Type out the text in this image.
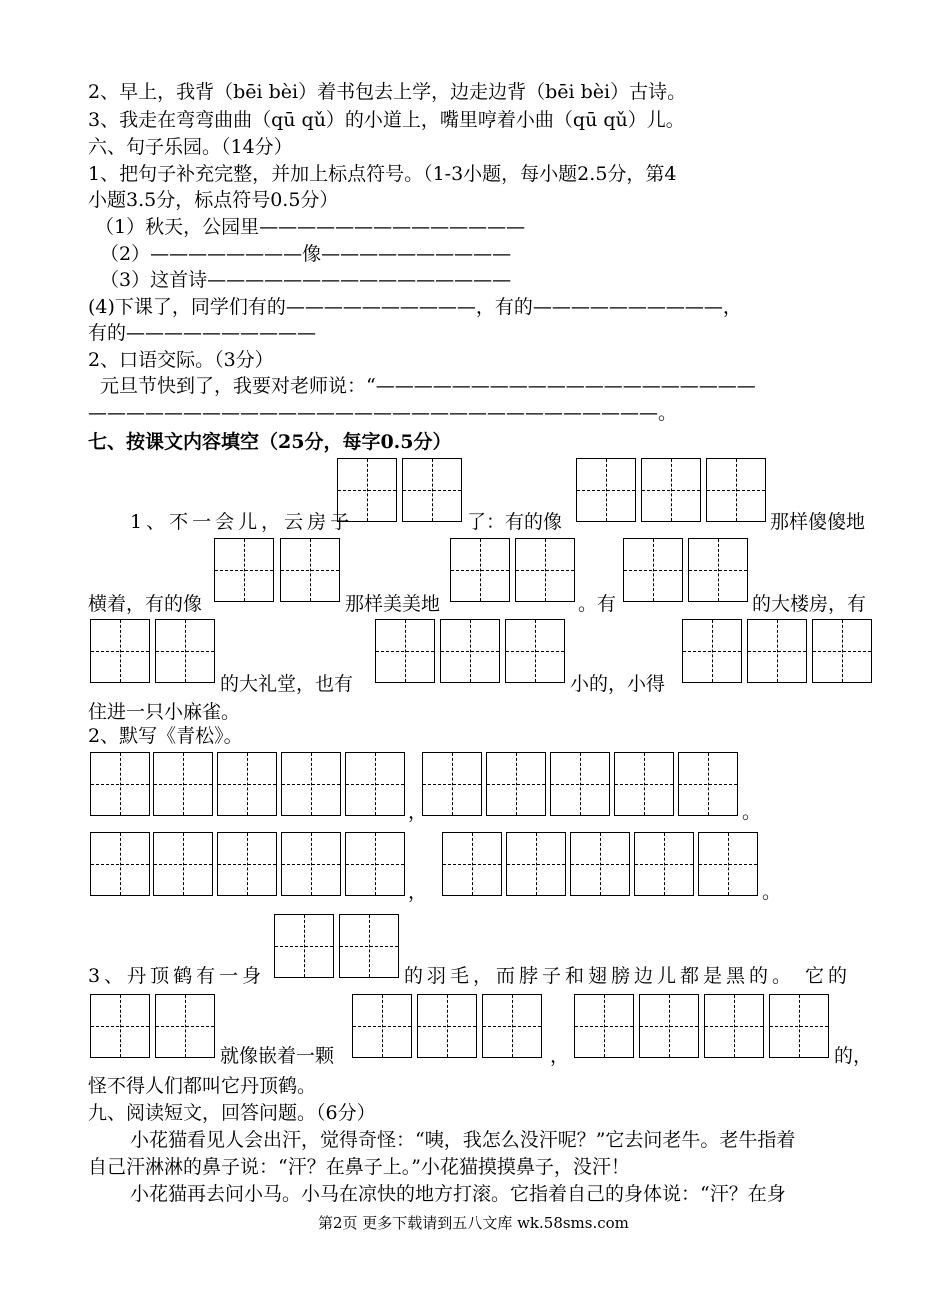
2、早上，我背（bēi bèi）着书包去上学，边走边背（bēi bèi）古诗。
3、我走在弯弯曲曲（qū qǔ）的小道上，嘴里哼着小曲（qū qǔ）儿。
六、句子乐园。（14分）
1、把句子补充完整，并加上标点符号。（1-3小题，每小题2.5分，第4
小题3.5分，标点符号0.5分）
（1）秋天，公园里——————————————
（2）————————像——————————
（3）这首诗————————————————
(4)下课了，同学们有的——————————，有的——————————，
有的——————————
2、口语交际。（3分）
元旦节快到了，我要对老师说：“————————————————————
——————————————————————————————。
七、按课文内容填空（25分，每字0.5分）
1、不一会儿，云房子	了：有的像	那样傻傻地
横着，有的像	那样美美地	。有	的大楼房，有
的大礼堂，也有	小的，小得
住进一只小麻雀。
2、默写《青松》。
，	。
，	。
3、丹顶鹤有一身	的羽毛，而脖子和翅膀边儿都是黑的。 它的
就像嵌着一颗	，	的，
怪不得人们都叫它丹顶鹤。
九、阅读短文，回答问题。（6分）
小花猫看见人会出汗，觉得奇怪：“咦，我怎么没汗呢？”它去问老牛。老牛指着
自己汗淋淋的鼻子说：“汗？在鼻子上。”小花猫摸摸鼻子，没汗！
小花猫再去问小马。小马在凉快的地方打滚。它指着自己的身体说：“汗？在身
第2页 更多下载请到五八文库 wk.58sms.com
